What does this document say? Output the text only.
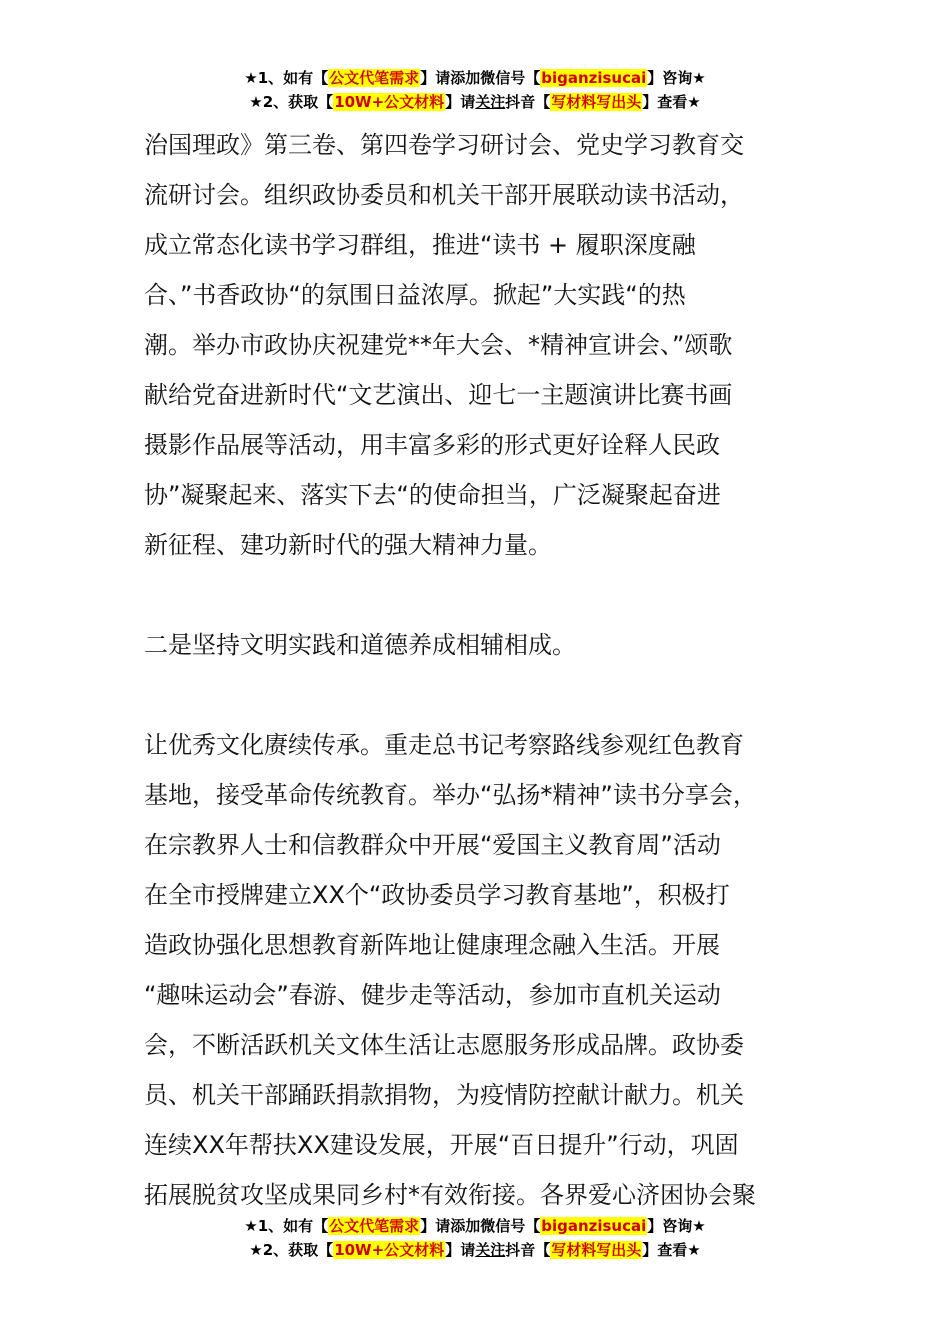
★1、如有【公文代笔需求】请添加微信号【biganzisucai】咨询★
★2、获取【10W+公文材料】请关注抖音【写材料写出头】查看★

治国理政》第三卷、第四卷学习研讨会、党史学习教育交
流研讨会。组织政协委员和机关干部开展联动读书活动，
成立常态化读书学习群组，推进“读书 + 履职深度融
合、”书香政协“的氛围日益浓厚。掀起”大实践“的热
潮。举办市政协庆祝建党**年大会、*精神宣讲会、”颂歌
献给党奋进新时代“文艺演出、迎七一主题演讲比赛书画
摄影作品展等活动，用丰富多彩的形式更好诠释人民政
协”凝聚起来、落实下去“的使命担当，广泛凝聚起奋进
新征程、建功新时代的强大精神力量。

二是坚持文明实践和道德养成相辅相成。

让优秀文化赓续传承。重走总书记考察路线参观红色教育
基地，接受革命传统教育。举办“弘扬*精神”读书分享会，
在宗教界人士和信教群众中开展“爱国主义教育周”活动
在全市授牌建立XX个“政协委员学习教育基地”，积极打
造政协强化思想教育新阵地让健康理念融入生活。开展
“趣味运动会”春游、健步走等活动，参加市直机关运动
会，不断活跃机关文体生活让志愿服务形成品牌。政协委
员、机关干部踊跃捐款捐物，为疫情防控献计献力。机关
连续XX年帮扶XX建设发展，开展“百日提升”行动，巩固
拓展脱贫攻坚成果同乡村*有效衔接。各界爱心济困协会聚

★1、如有【公文代笔需求】请添加微信号【biganzisucai】咨询★
★2、获取【10W+公文材料】请关注抖音【写材料写出头】查看★
